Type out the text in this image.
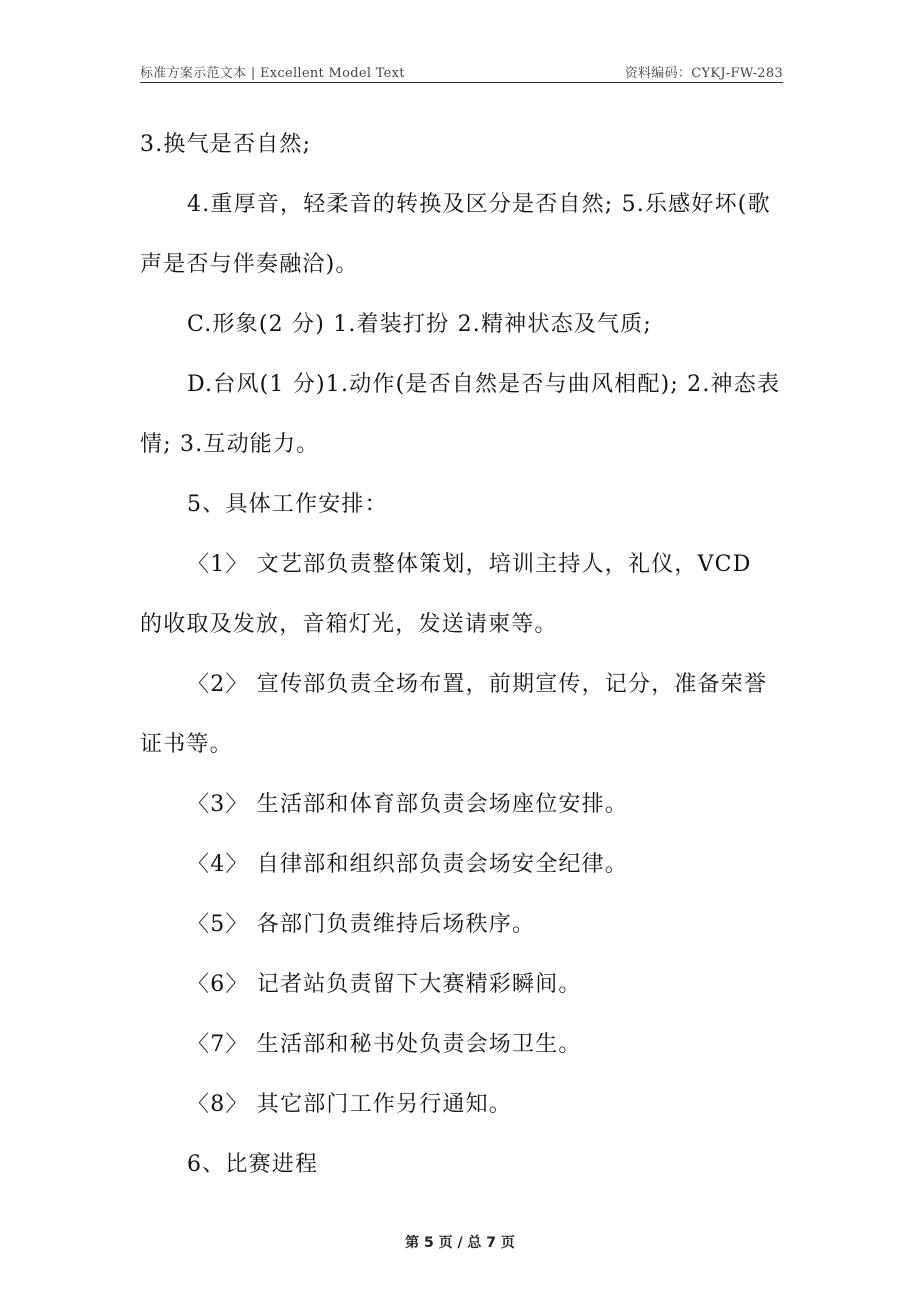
标准方案示范文本 | Excellent Model Text	资料编码：CYKJ-FW-283

3.换气是否自然;

4.重厚音，轻柔音的转换及区分是否自然; 5.乐感好坏(歌声是否与伴奏融洽)。

C.形象(2 分) 1.着装打扮 2.精神状态及气质;

D.台风(1 分)1.动作(是否自然是否与曲风相配); 2.神态表情; 3.互动能力。

5、具体工作安排：

〈1〉 文艺部负责整体策划，培训主持人，礼仪，VCD 的收取及发放，音箱灯光，发送请柬等。

〈2〉 宣传部负责全场布置，前期宣传，记分，准备荣誉证书等。

〈3〉 生活部和体育部负责会场座位安排。

〈4〉 自律部和组织部负责会场安全纪律。

〈5〉 各部门负责维持后场秩序。

〈6〉 记者站负责留下大赛精彩瞬间。

〈7〉 生活部和秘书处负责会场卫生。

〈8〉 其它部门工作另行通知。

6、比赛进程

第 5 页 / 总 7 页
